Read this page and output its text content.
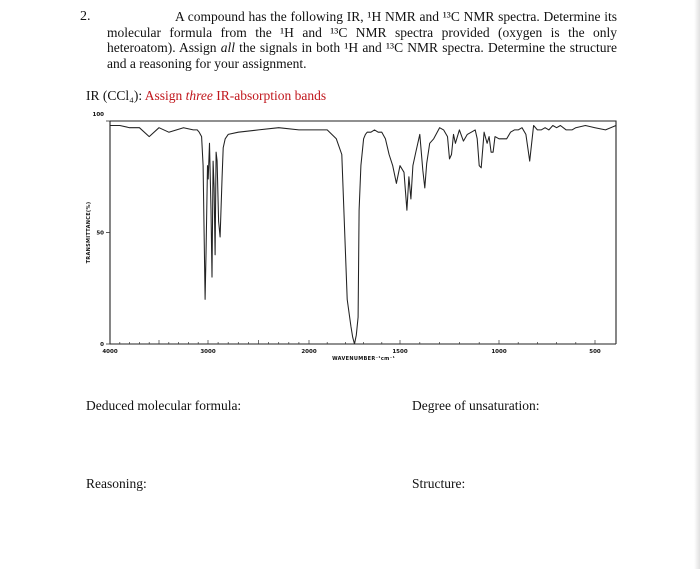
2.	A compound has the following IR, ¹H NMR and ¹³C NMR spectra. Determine its molecular formula from the ¹H and ¹³C NMR spectra provided (oxygen is the only heteroatom). Assign all the signals in both ¹H and ¹³C NMR spectra. Determine the structure and a reasoning for your assignment.
IR (CCl₄): Assign three IR-absorption bands
4000	3000	2000	1500	1000	500
100
50
0
WAVENUMBER⁻¹cm⁻¹
TRANSMITTANCE(%)
Deduced molecular formula:	Degree of unsaturation:
Reasoning:	Structure:
